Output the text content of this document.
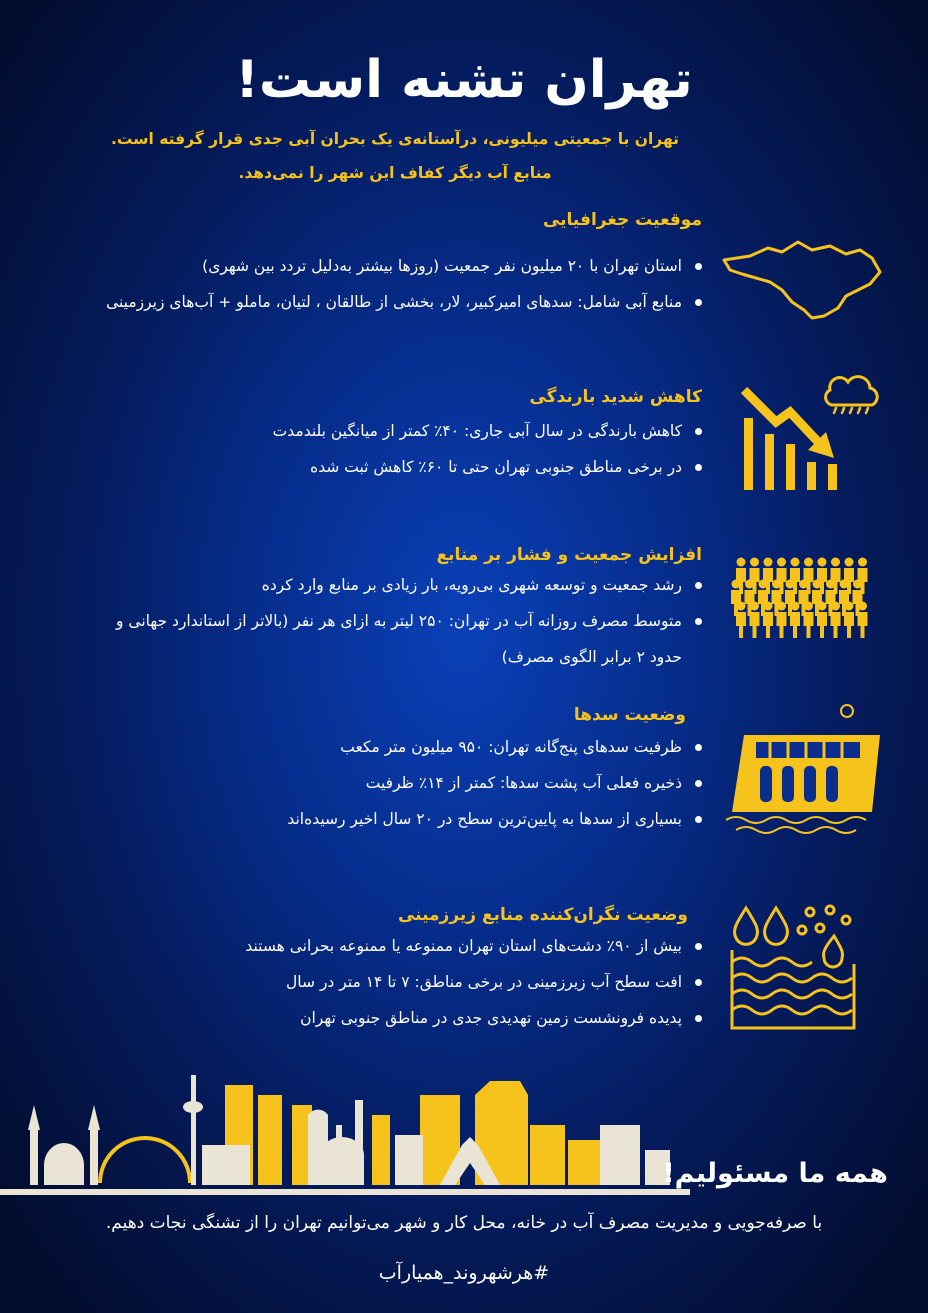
تهران تشنه است!
تهران با جمعیتی میلیونی، درآستانه‌ی یک بحران آبی جدی قرار گرفته است.
منابع آب دیگر کفاف این شهر را نمی‌دهد.
موقعیت جغرافیایی
استان تهران با ۲۰ میلیون نفر جمعیت (روزها بیشتر به‌دلیل تردد بین شهری)
منابع آبی شامل: سدهای امیرکبیر، لار، بخشی از طالقان ، لتیان، ماملو + آب‌های زیرزمینی
کاهش شدید بارندگی
کاهش بارندگی در سال آبی جاری: ۴۰٪ کمتر از میانگین بلندمدت
در برخی مناطق جنوبی تهران حتی تا ۶۰٪ کاهش ثبت شده
افزایش جمعیت و فشار بر منابع
رشد جمعیت و توسعه شهری بی‌رویه، بار زیادی بر منابع وارد کرده
متوسط مصرف روزانه آب در تهران: ۲۵۰ لیتر به ازای هر نفر (بالاتر از استاندارد جهانی و حدود ۲ برابر الگوی مصرف)
وضعیت سدها
ظرفیت سدهای پنج‌گانه تهران: ۹۵۰ میلیون متر مکعب
ذخیره فعلی آب پشت سدها: کمتر از ۱۴٪ ظرفیت
بسیاری از سدها به پایین‌ترین سطح در ۲۰ سال اخیر رسیده‌اند
وضعیت نگران‌کننده منابع زیرزمینی
بیش از ۹۰٪ دشت‌های استان تهران ممنوعه یا ممنوعه بحرانی هستند
افت سطح آب زیرزمینی در برخی مناطق: ۷ تا ۱۴ متر در سال
پدیده فرونشست زمین تهدیدی جدی در مناطق جنوبی تهران
همه ما مسئولیم!
با صرفه‌جویی و مدیریت مصرف آب در خانه، محل کار و شهر می‌توانیم تهران را از تشنگی نجات دهیم.
#هرشهروند_همیارآب
